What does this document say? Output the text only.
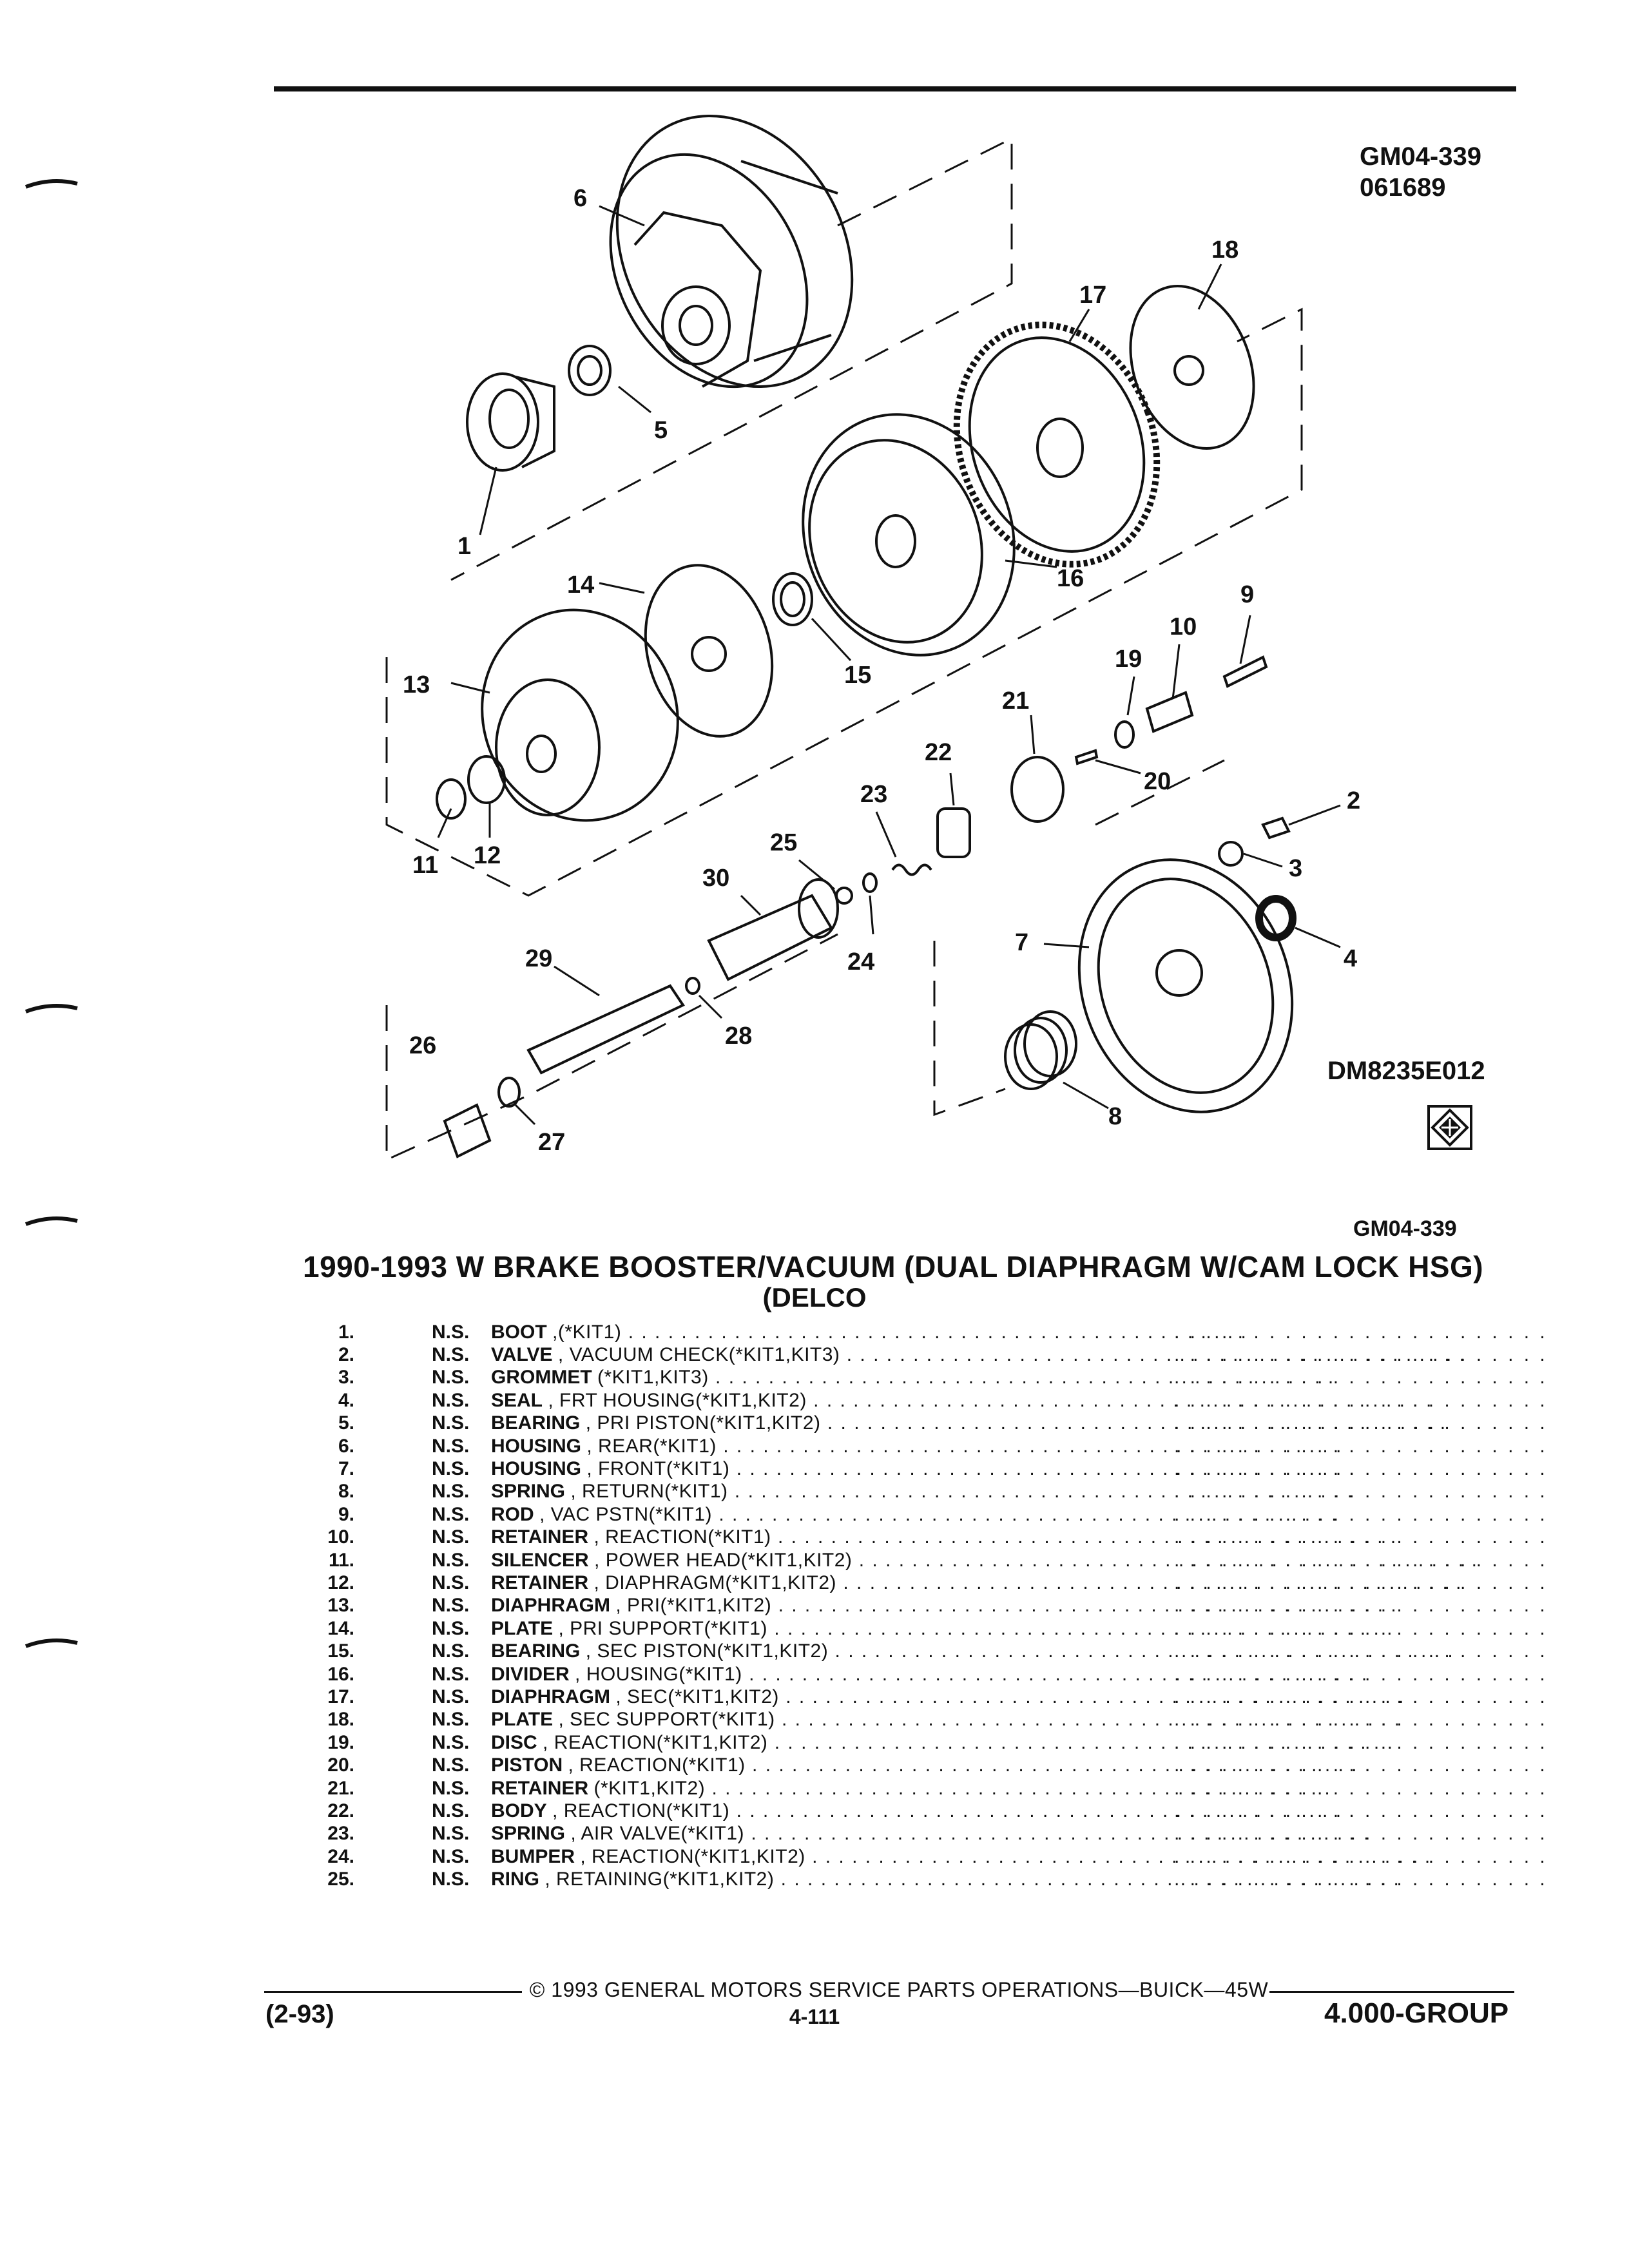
GM04-339
061689
6
1
5
18
17
16
14
15
13
11 12
9
10
19
20
21
22
23
25
24
2
3
4
30
28
29
26
27
7
8
DM8235E012
GM04-339
1990-1993 W BRAKE BOOSTER/VACUUM (DUAL DIAPHRAGM W/CAM LOCK HSG)
(DELCO
1.	N.S.	BOOT ,(*KIT1) . . .	. . . . . . . . . . . . . . . . . . . . . . . .
2.	N.S.	VALVE , VACUUM CHECK(*KIT1,KIT3) . . .	. . . . . . . . . . . . . . . . . . . . . . . .
3.	N.S.	GROMMET (*KIT1,KIT3) . . .	. . . . . . . . . . . . . . . . . . . . . . . .
4.	N.S.	SEAL , FRT HOUSING(*KIT1,KIT2) . . .	. . . . . . . . . . . . . . . . . . . . . . . .
5.	N.S.	BEARING , PRI PISTON(*KIT1,KIT2) . . .	. . . . . . . . . . . . . . . . . . . . . . . .
6.	N.S.	HOUSING , REAR(*KIT1) . . .	. . . . . . . . . . . . . . . . . . . . . . . .
7.	N.S.	HOUSING , FRONT(*KIT1) . . .	. . . . . . . . . . . . . . . . . . . . . . . .
8.	N.S.	SPRING , RETURN(*KIT1) . . .	. . . . . . . . . . . . . . . . . . . . . . . .
9.	N.S.	ROD , VAC PSTN(*KIT1) . . .	. . . . . . . . . . . . . . . . . . . . . . . .
10.	N.S.	RETAINER , REACTION(*KIT1) . . .	. . . . . . . . . . . . . . . . . . . . . . . .
11.	N.S.	SILENCER , POWER HEAD(*KIT1,KIT2) . . .	. . . . . . . . . . . . . . . . . . . . . . . .
12.	N.S.	RETAINER , DIAPHRAGM(*KIT1,KIT2) . . .	. . . . . . . . . . . . . . . . . . . . . . . .
13.	N.S.	DIAPHRAGM , PRI(*KIT1,KIT2) . . .	. . . . . . . . . . . . . . . . . . . . . . . .
14.	N.S.	PLATE , PRI SUPPORT(*KIT1) . . .	. . . . . . . . . . . . . . . . . . . . . . . .
15.	N.S.	BEARING , SEC PISTON(*KIT1,KIT2) . . .	. . . . . . . . . . . . . . . . . . . . . . . .
16.	N.S.	DIVIDER , HOUSING(*KIT1) . . .	. . . . . . . . . . . . . . . . . . . . . . . .
17.	N.S.	DIAPHRAGM , SEC(*KIT1,KIT2) . . .	. . . . . . . . . . . . . . . . . . . . . . . .
18.	N.S.	PLATE , SEC SUPPORT(*KIT1) . . .	. . . . . . . . . . . . . . . . . . . . . . . .
19.	N.S.	DISC , REACTION(*KIT1,KIT2) . . .	. . . . . . . . . . . . . . . . . . . . . . . .
20.	N.S.	PISTON , REACTION(*KIT1) . . .	. . . . . . . . . . . . . . . . . . . . . . . .
21.	N.S.	RETAINER (*KIT1,KIT2) . . .	. . . . . . . . . . . . . . . . . . . . . . . .
22.	N.S.	BODY , REACTION(*KIT1) . . .	. . . . . . . . . . . . . . . . . . . . . . . .
23.	N.S.	SPRING , AIR VALVE(*KIT1) . . .	. . . . . . . . . . . . . . . . . . . . . . . .
24.	N.S.	BUMPER , REACTION(*KIT1,KIT2) . . .	. . . . . . . . . . . . . . . . . . . . . . . .
25.	N.S.	RING , RETAINING(*KIT1,KIT2) . . .	. . . . . . . . . . . . . . . . . . . . . . . .
© 1993 GENERAL MOTORS SERVICE PARTS OPERATIONS—BUICK—45W
4-111
(2-93)	4.000-GROUP
